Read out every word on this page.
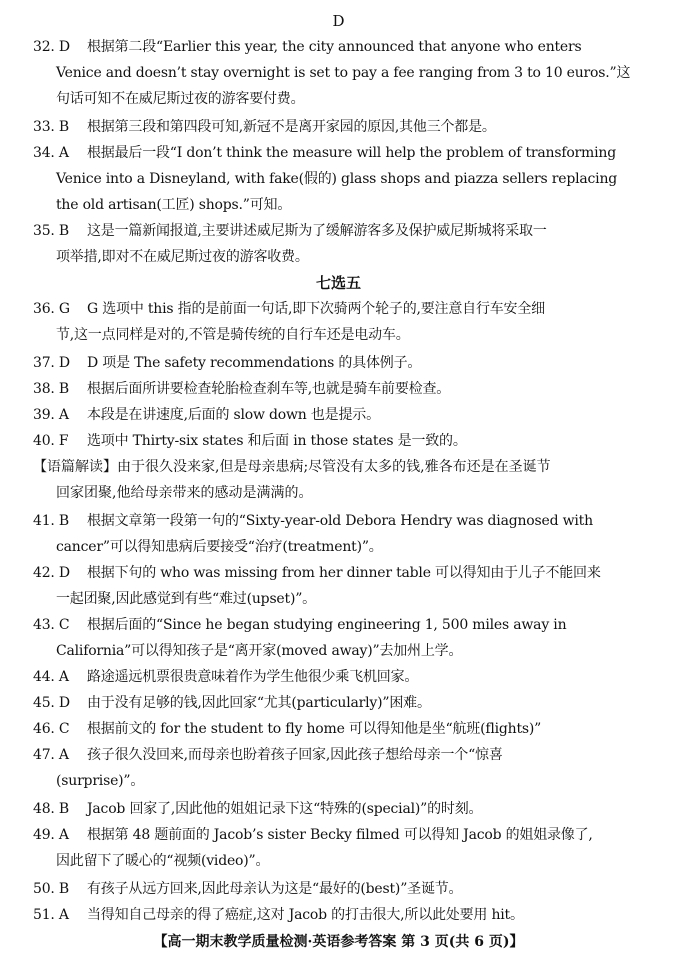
D
32. D 根据第二段“Earlier this year, the city announced that anyone who enters
Venice and doesn’t stay overnight is set to pay a fee ranging from 3 to 10 euros.”这
句话可知不在威尼斯过夜的游客要付费。
33. B 根据第三段和第四段可知,新冠不是离开家园的原因,其他三个都是。
34. A 根据最后一段“I don’t think the measure will help the problem of transforming
Venice into a Disneyland, with fake(假的) glass shops and piazza sellers replacing
the old artisan(工匠) shops.”可知。
35. B 这是一篇新闻报道,主要讲述威尼斯为了缓解游客多及保护威尼斯城将采取一
项举措,即对不在威尼斯过夜的游客收费。
七选五
36. G G 选项中 this 指的是前面一句话,即下次骑两个轮子的,要注意自行车安全细
节,这一点同样是对的,不管是骑传统的自行车还是电动车。
37. D D 项是 The safety recommendations 的具体例子。
38. B 根据后面所讲要检查轮胎检查刹车等,也就是骑车前要检查。
39. A 本段是在讲速度,后面的 slow down 也是提示。
40. F 选项中 Thirty-six states 和后面 in those states 是一致的。
41. B 根据文章第一段第一句的“Sixty-year-old Debora Hendry was diagnosed with
cancer”可以得知患病后要接受“治疗(treatment)”。
42. D 根据下句的 who was missing from her dinner table 可以得知由于儿子不能回来
一起团聚,因此感觉到有些“难过(upset)”。
43. C 根据后面的“Since he began studying engineering 1, 500 miles away in
California”可以得知孩子是“离开家(moved away)”去加州上学。
44. A 路途遥远机票很贵意味着作为学生他很少乘飞机回家。
45. D 由于没有足够的钱,因此回家“尤其(particularly)”困难。
46. C 根据前文的 for the student to fly home 可以得知他是坐“航班(flights)”
47. A 孩子很久没回来,而母亲也盼着孩子回家,因此孩子想给母亲一个“惊喜
(surprise)”。
48. B Jacob 回家了,因此他的姐姐记录下这“特殊的(special)”的时刻。
49. A 根据第 48 题前面的 Jacob’s sister Becky filmed 可以得知 Jacob 的姐姐录像了,
因此留下了暖心的“视频(video)”。
50. B 有孩子从远方回来,因此母亲认为这是“最好的(best)”圣诞节。
51. A 当得知自己母亲的得了癌症,这对 Jacob 的打击很大,所以此处要用 hit。
【语篇解读】由于很久没来家,但是母亲患病;尽管没有太多的钱,雅各布还是在圣诞节
回家团聚,他给母亲带来的感动是满满的。
【高一期末教学质量检测·英语参考答案 第 3 页(共 6 页)】
